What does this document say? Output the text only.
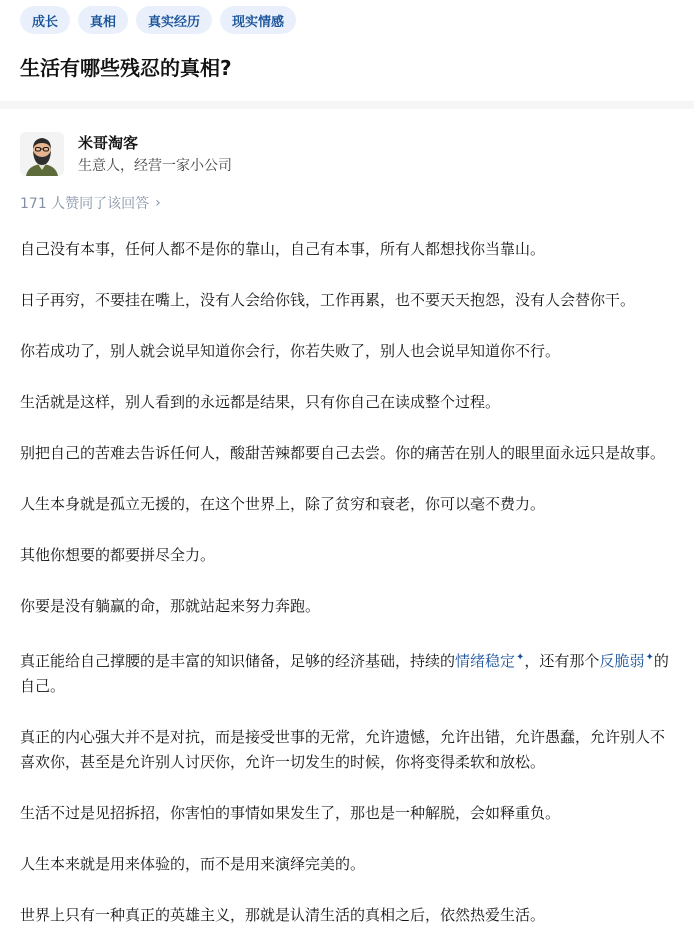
成长	真相	真实经历	现实情感
生活有哪些残忍的真相?
米哥淘客
生意人，经营一家小公司
171 人赞同了该回答 ›

自己没有本事，任何人都不是你的靠山，自己有本事，所有人都想找你当靠山。

日子再穷，不要挂在嘴上，没有人会给你钱，工作再累，也不要天天抱怨，没有人会替你干。

你若成功了，别人就会说早知道你会行，你若失败了，别人也会说早知道你不行。

生活就是这样，别人看到的永远都是结果，只有你自己在读成整个过程。

别把自己的苦难去告诉任何人，酸甜苦辣都要自己去尝。你的痛苦在别人的眼里面永远只是故事。

人生本身就是孤立无援的，在这个世界上，除了贫穷和衰老，你可以毫不费力。

其他你想要的都要拼尽全力。

你要是没有躺赢的命，那就站起来努力奔跑。

真正能给自己撑腰的是丰富的知识储备，足够的经济基础，持续的情绪稳定✦，还有那个反脆弱✦的自己。

真正的内心强大并不是对抗，而是接受世事的无常，允许遗憾，允许出错，允许愚蠢，允许别人不喜欢你，甚至是允许别人讨厌你，允许一切发生的时候，你将变得柔软和放松。

生活不过是见招拆招，你害怕的事情如果发生了，那也是一种解脱，会如释重负。

人生本来就是用来体验的，而不是用来演绎完美的。

世界上只有一种真正的英雄主义，那就是认清生活的真相之后，依然热爱生活。
